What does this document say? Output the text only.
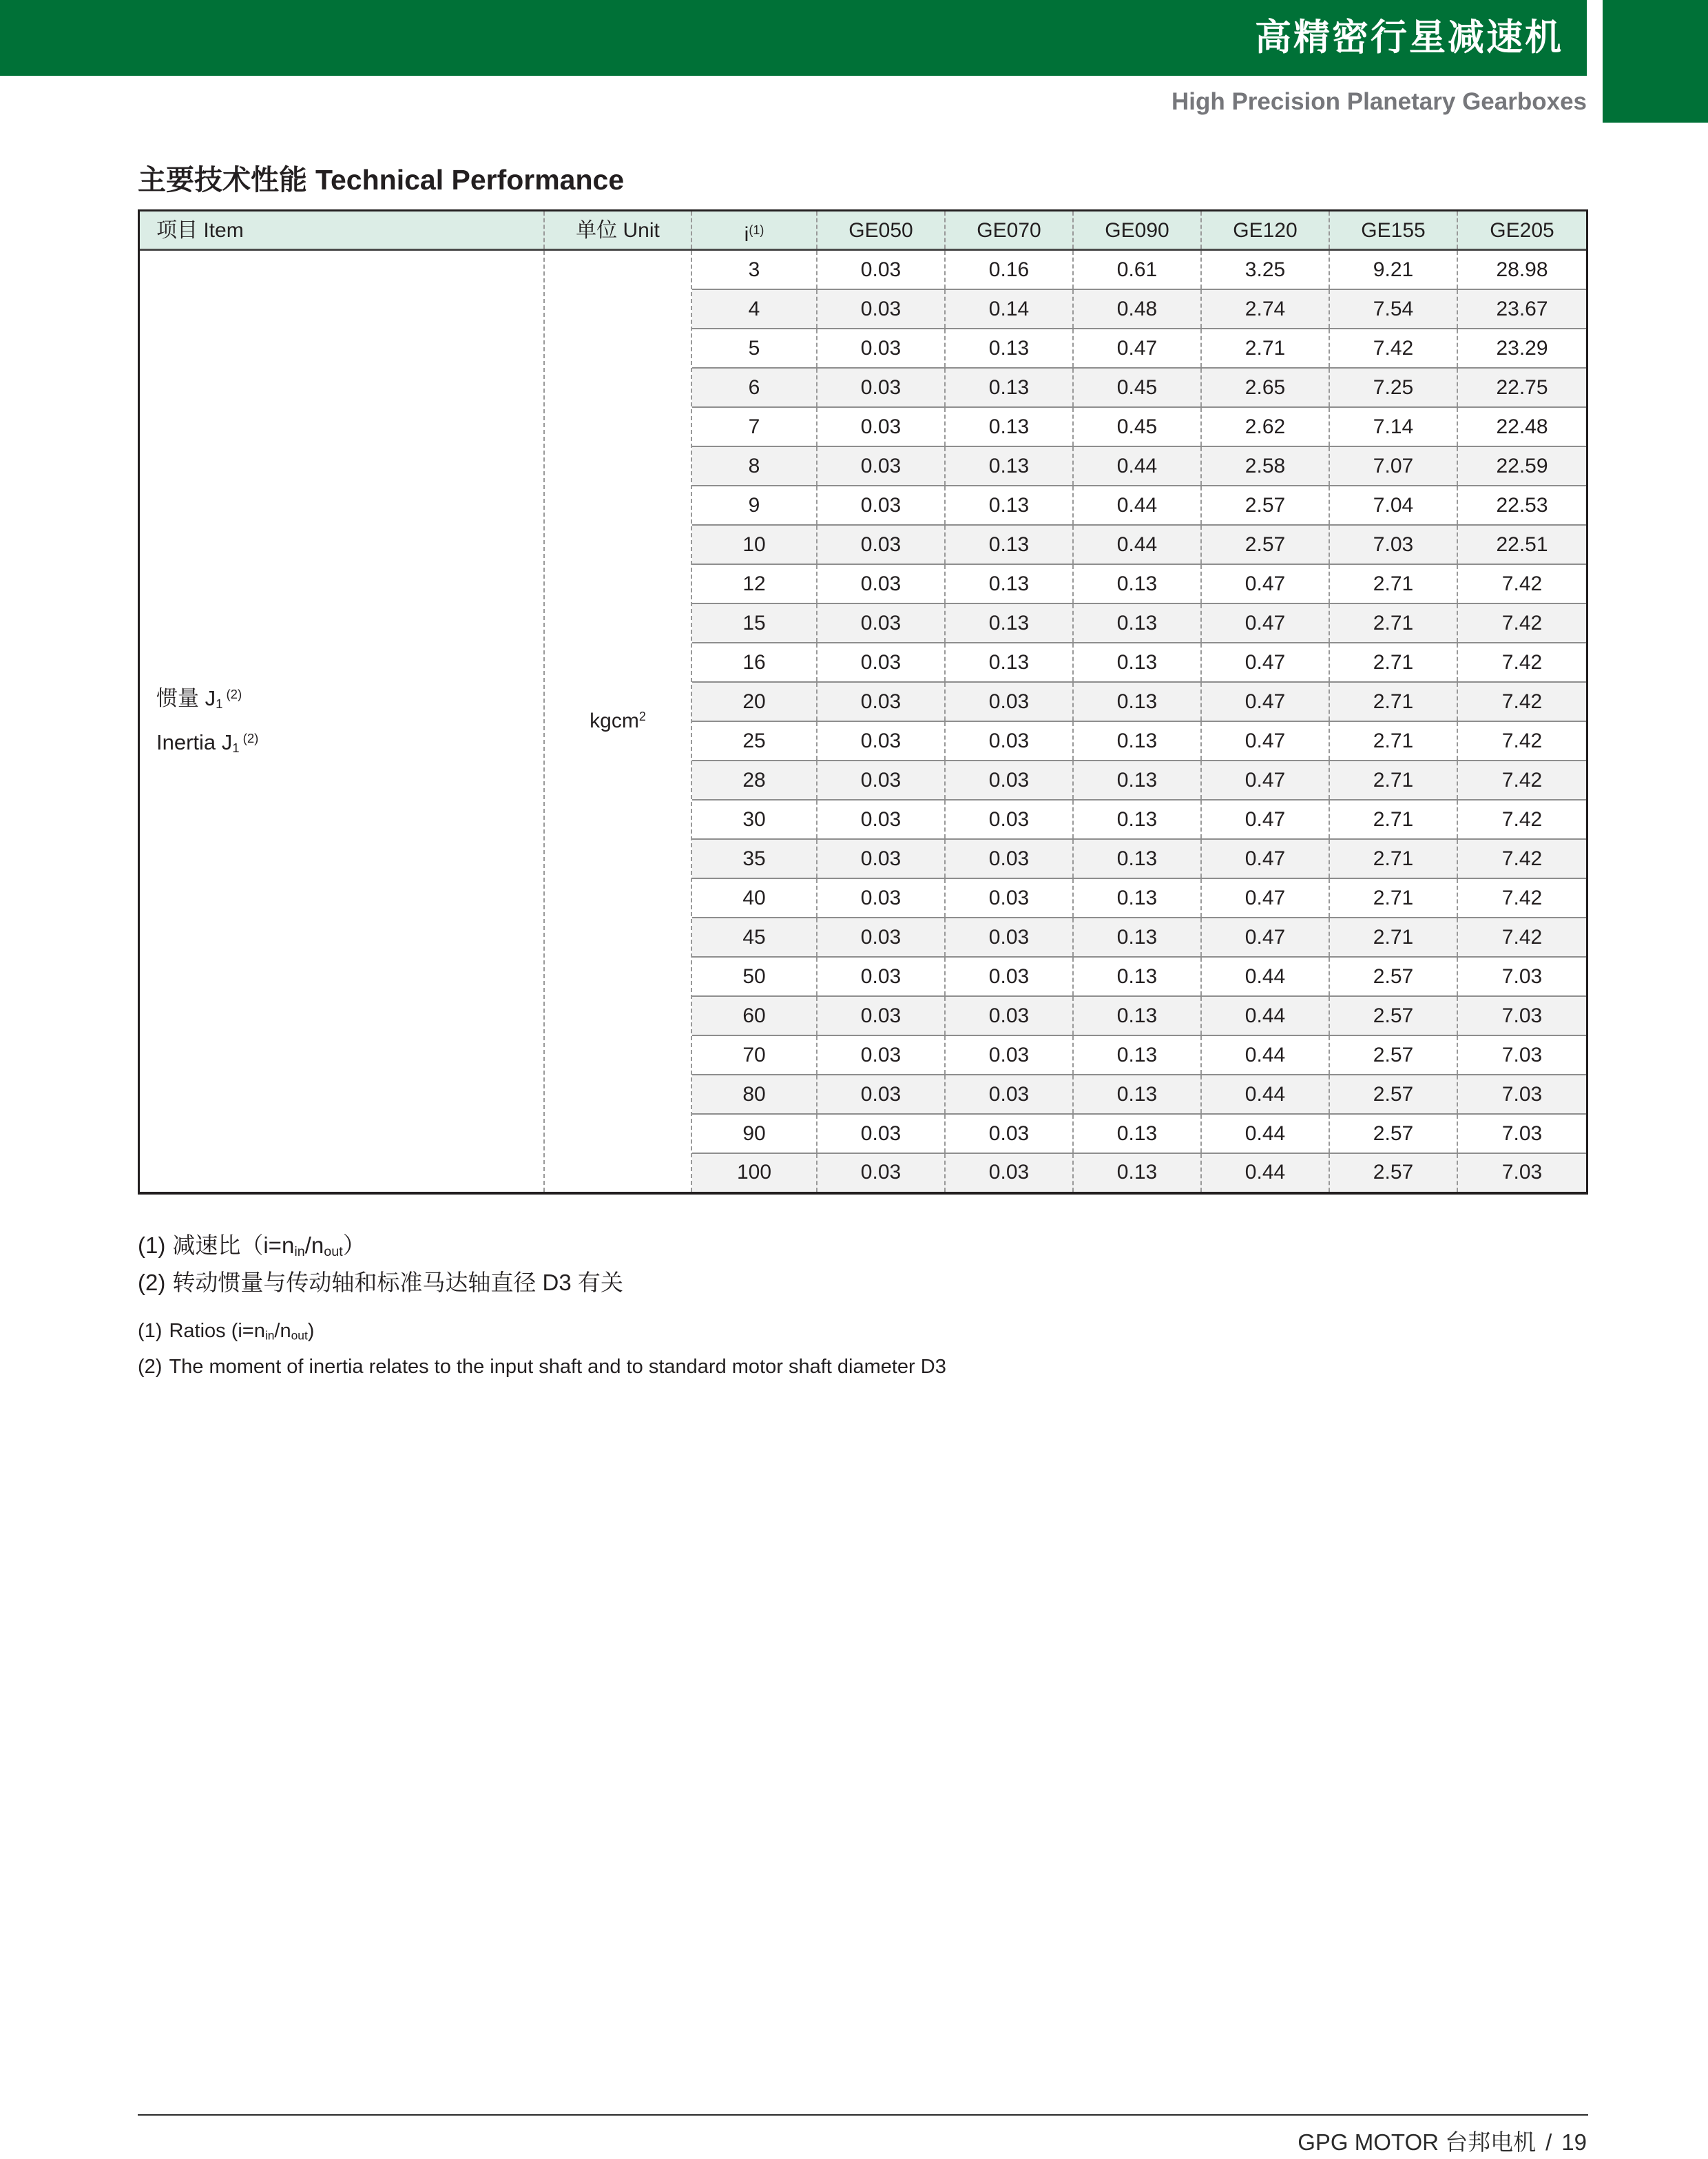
高精密行星减速机
High Precision Planetary Gearboxes
主要技术性能 Technical Performance
项目 Item	单位 Unit	$i^{(1)}$	GE050	GE070	GE090	GE120	GE155	GE205
惯量 J1$^{(2)}$
Inertia J1$^{(2)}$
kgcm$^2$
3	0.03	0.16	0.61	3.25	9.21	28.98
4	0.03	0.14	0.48	2.74	7.54	23.67
5	0.03	0.13	0.47	2.71	7.42	23.29
6	0.03	0.13	0.45	2.65	7.25	22.75
7	0.03	0.13	0.45	2.62	7.14	22.48
8	0.03	0.13	0.44	2.58	7.07	22.59
9	0.03	0.13	0.44	2.57	7.04	22.53
10	0.03	0.13	0.44	2.57	7.03	22.51
12	0.03	0.13	0.13	0.47	2.71	7.42
15	0.03	0.13	0.13	0.47	2.71	7.42
16	0.03	0.13	0.13	0.47	2.71	7.42
20	0.03	0.03	0.13	0.47	2.71	7.42
25	0.03	0.03	0.13	0.47	2.71	7.42
28	0.03	0.03	0.13	0.47	2.71	7.42
30	0.03	0.03	0.13	0.47	2.71	7.42
35	0.03	0.03	0.13	0.47	2.71	7.42
40	0.03	0.03	0.13	0.47	2.71	7.42
45	0.03	0.03	0.13	0.47	2.71	7.42
50	0.03	0.03	0.13	0.44	2.57	7.03
60	0.03	0.03	0.13	0.44	2.57	7.03
70	0.03	0.03	0.13	0.44	2.57	7.03
80	0.03	0.03	0.13	0.44	2.57	7.03
90	0.03	0.03	0.13	0.44	2.57	7.03
100	0.03	0.03	0.13	0.44	2.57	7.03
(1) 减速比（i=nin/nout）
(2) 转动惯量与传动轴和标准马达轴直径 D3 有关
(1) Ratios $(i=n_{in}/n_{out})$
(2) The moment of inertia relates to the input shaft and to standard motor shaft diameter D3
GPG MOTOR 台邦电机 / 19
